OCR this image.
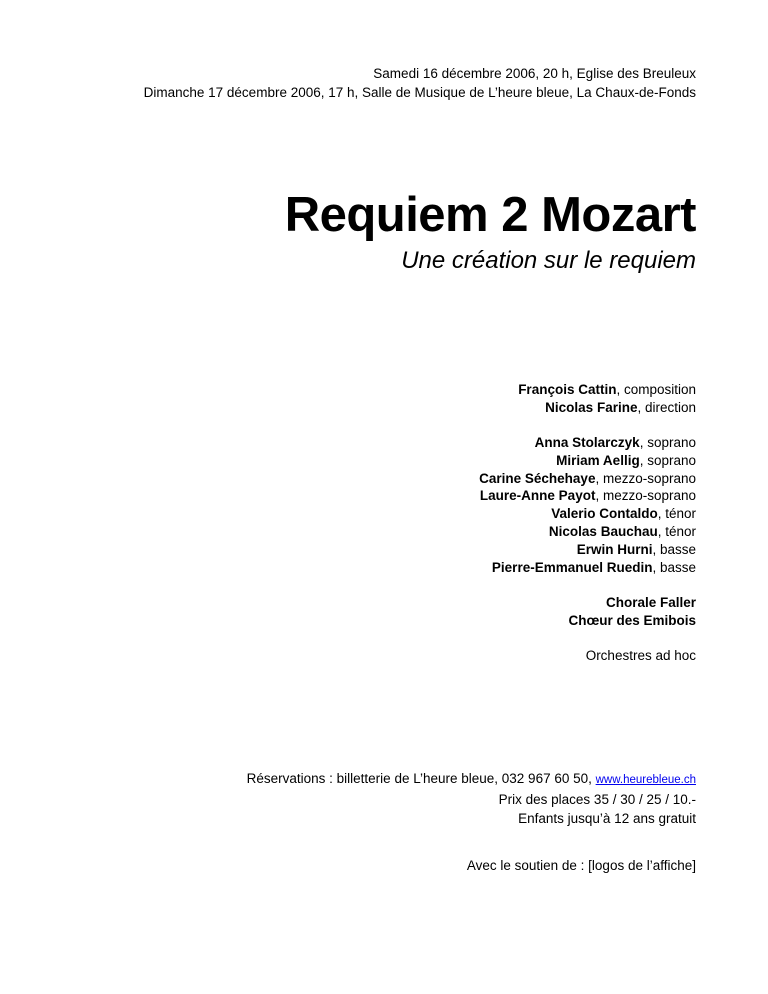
Samedi 16 décembre 2006, 20 h, Eglise des Breuleux
Dimanche 17 décembre 2006, 17 h, Salle de Musique de L’heure bleue, La Chaux-de-Fonds
Requiem 2 Mozart
Une création sur le requiem
François Cattin, composition
Nicolas Farine, direction
Anna Stolarczyk, soprano
Miriam Aellig, soprano
Carine Séchehaye, mezzo-soprano
Laure-Anne Payot, mezzo-soprano
Valerio Contaldo, ténor
Nicolas Bauchau, ténor
Erwin Hurni, basse
Pierre-Emmanuel Ruedin, basse
Chorale Faller
Chœur des Emibois
Orchestres ad hoc
Réservations : billetterie de L’heure bleue, 032 967 60 50, www.heurebleue.ch
Prix des places 35 / 30 / 25 / 10.-
Enfants jusqu’à 12 ans gratuit
Avec le soutien de : [logos de l’affiche]
